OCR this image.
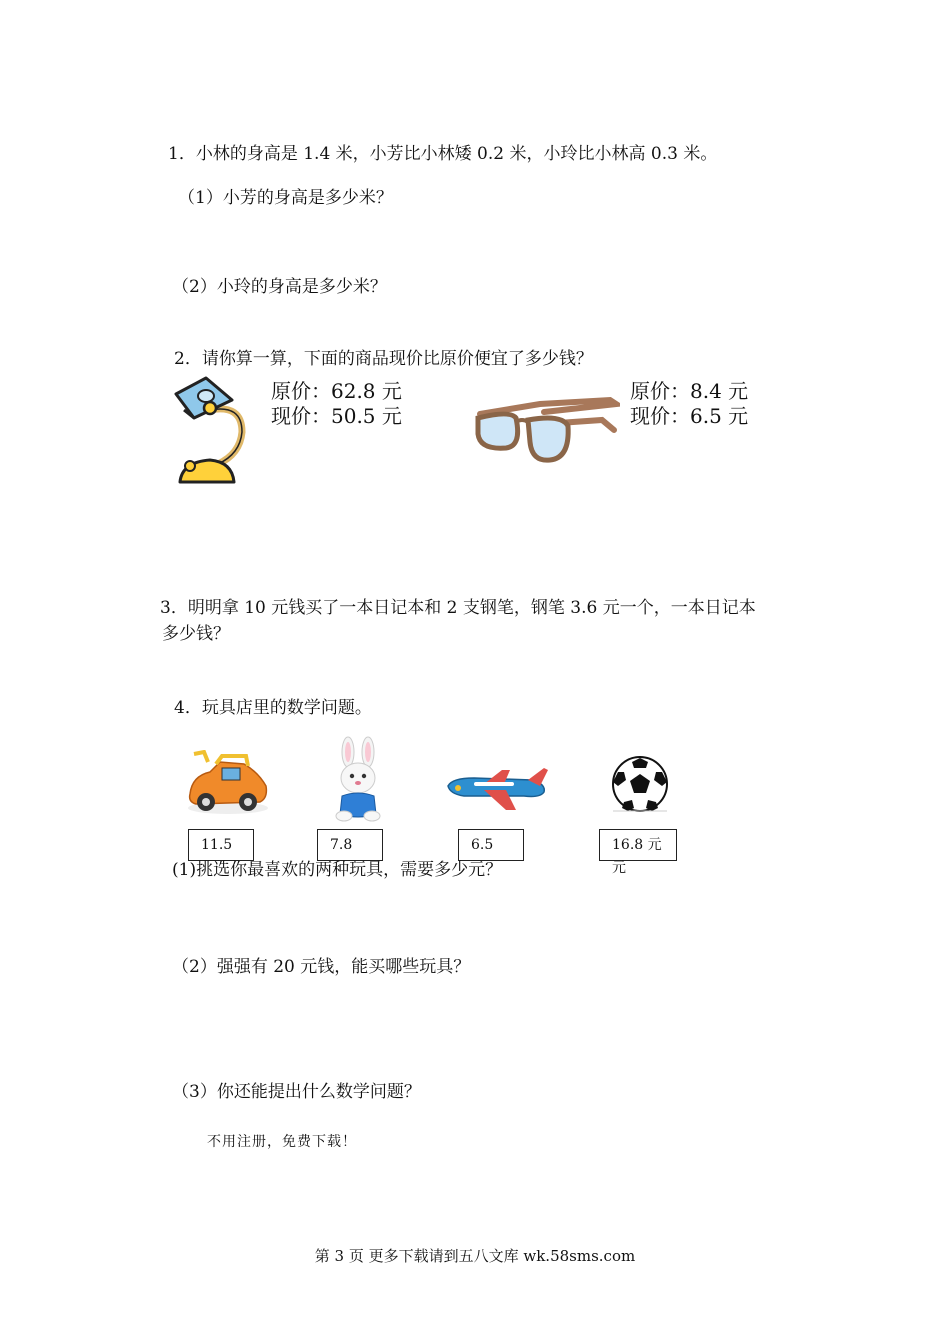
1．小林的身高是 1.4 米，小芳比小林矮 0.2 米，小玲比小林高 0.3 米。
（1）小芳的身高是多少米？
（2）小玲的身高是多少米？
2．请你算一算，下面的商品现价比原价便宜了多少钱？
原价：62.8 元
现价：50.5 元
原价：8.4 元
现价：6.5 元
3．明明拿 10 元钱买了一本日记本和 2 支钢笔，钢笔 3.6 元一个，一本日记本
多少钱？
4．玩具店里的数学问题。
11.5	7.8	6.5	16.8 元
(1)挑选你最喜欢的两种玩具，需要多少元？	元
（2）强强有 20 元钱，能买哪些玩具？
（3）你还能提出什么数学问题？
不用注册，免费下载！
第 3 页 更多下载请到五八文库 wk.58sms.com
